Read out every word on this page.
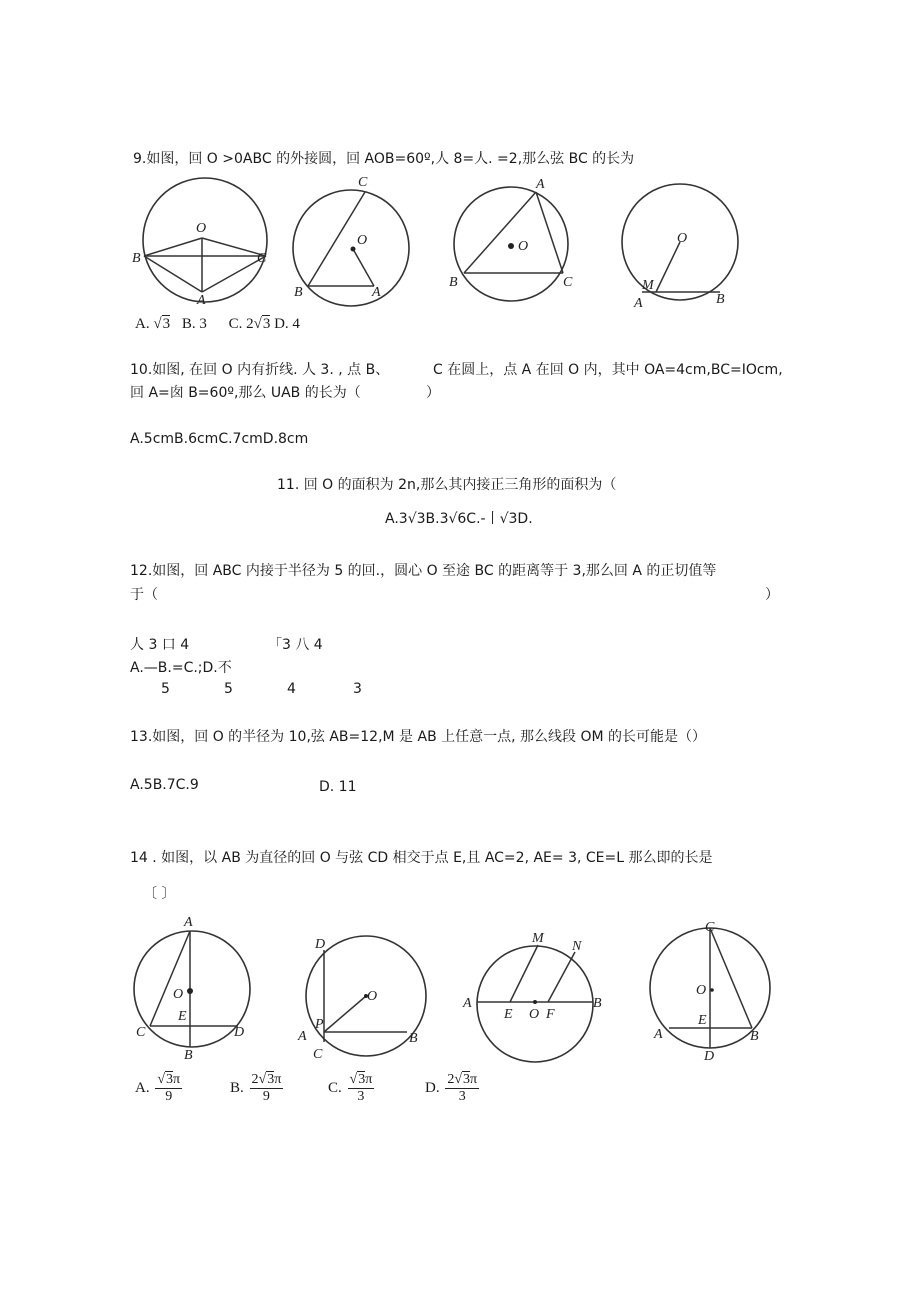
9.如图，回 O >0ABC 的外接圆，回 AOB=60º,人 8=人. =2,那么弦 BC 的长为
O
B	C
A
C
O
B	A
A
O
B	C
O
M
A	B
A. √3 B. 3 C. 2√3 D. 4
10.如图, 在回 O 内有折线. 人 3. , 点 B、	C 在圆上，点 A 在回 O 内，其中 OA=4cm,BC=IOcm,
回 A=囱 B=60º,那么 UAB 的长为（	）
A.5cmB.6cmC.7cmD.8cm
11. 回 O 的面积为 2n,那么其内接正三角形的面积为（
A.3√3B.3√6C.-丨√3D.
12.如图，回 ABC 内接于半径为 5 的回.，圆心 O 至途 BC 的距离等于 3,那么回 A 的正切值等
于（	）
人 3 口 4	「3 八 4
A.—B.=C.;D.不
5	5	4	3
13.如图，回 O 的半径为 10,弦 AB=12,M 是 AB 上任意一点, 那么线段 OM 的长可能是（）
A.5B.7C.9	D. 11
14 . 如图，以 AB 为直径的回 O 与弦 CD 相交于点 E,且 AC=2, AE= 3, CE=L 那么即的长是
〔 〕
A
O
E
C	D
B
D
O
P
A
C
B
M
N
A	B
E O F
C
O
E
A	B
D
A. $\frac{√3\pi}{9}$	B. $\frac{2√3\pi}{9}$	C. $\frac{√3\pi}{3}$	D. $\frac{2√3\pi}{3}$
